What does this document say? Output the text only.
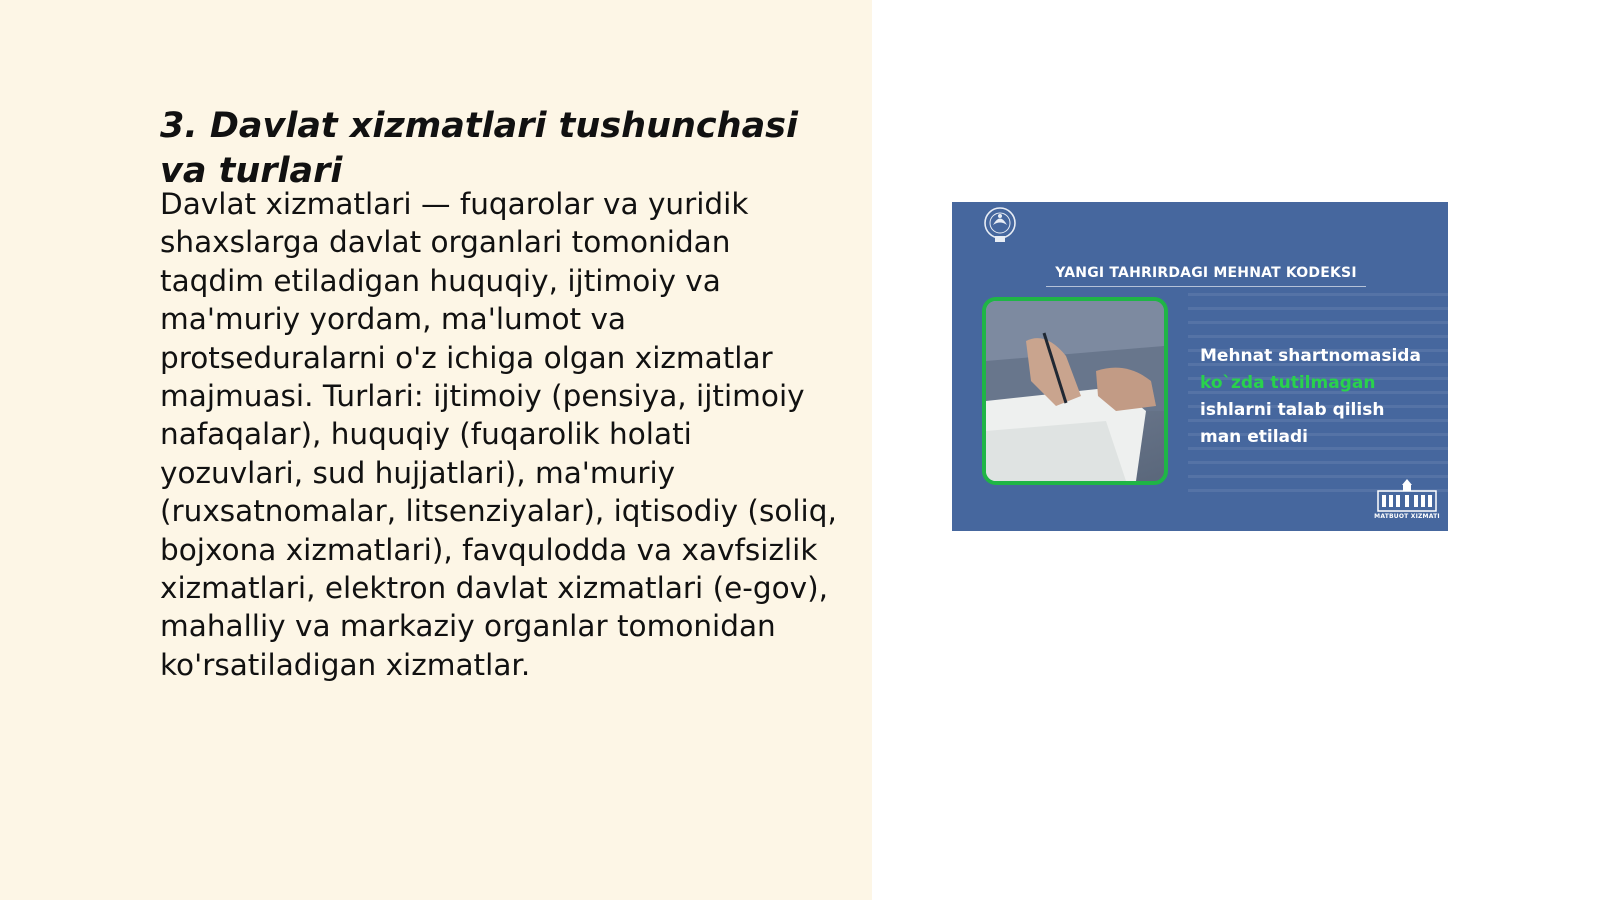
3. Davlat xizmatlari tushunchasi va turlari

Davlat xizmatlari — fuqarolar va yuridik shaxslarga davlat organlari tomonidan taqdim etiladigan huquqiy, ijtimoiy va ma'muriy yordam, ma'lumot va protseduralarni o'z ichiga olgan xizmatlar majmuasi. Turlari: ijtimoiy (pensiya, ijtimoiy nafaqalar), huquqiy (fuqarolik holati yozuvlari, sud hujjatlari), ma'muriy (ruxsatnomalar, litsenziyalar), iqtisodiy (soliq, bojxona xizmatlari), favqulodda va xavfsizlik xizmatlari, elektron davlat xizmatlari (e-gov), mahalliy va markaziy organlar tomonidan ko'rsatiladigan xizmatlar.

YANGI TAHRIRDAGI MEHNAT KODEKSI
Mehnat shartnomasida
ko`zda tutilmagan
ishlarni talab qilish
man etiladi
MATBUOT XIZMATI
